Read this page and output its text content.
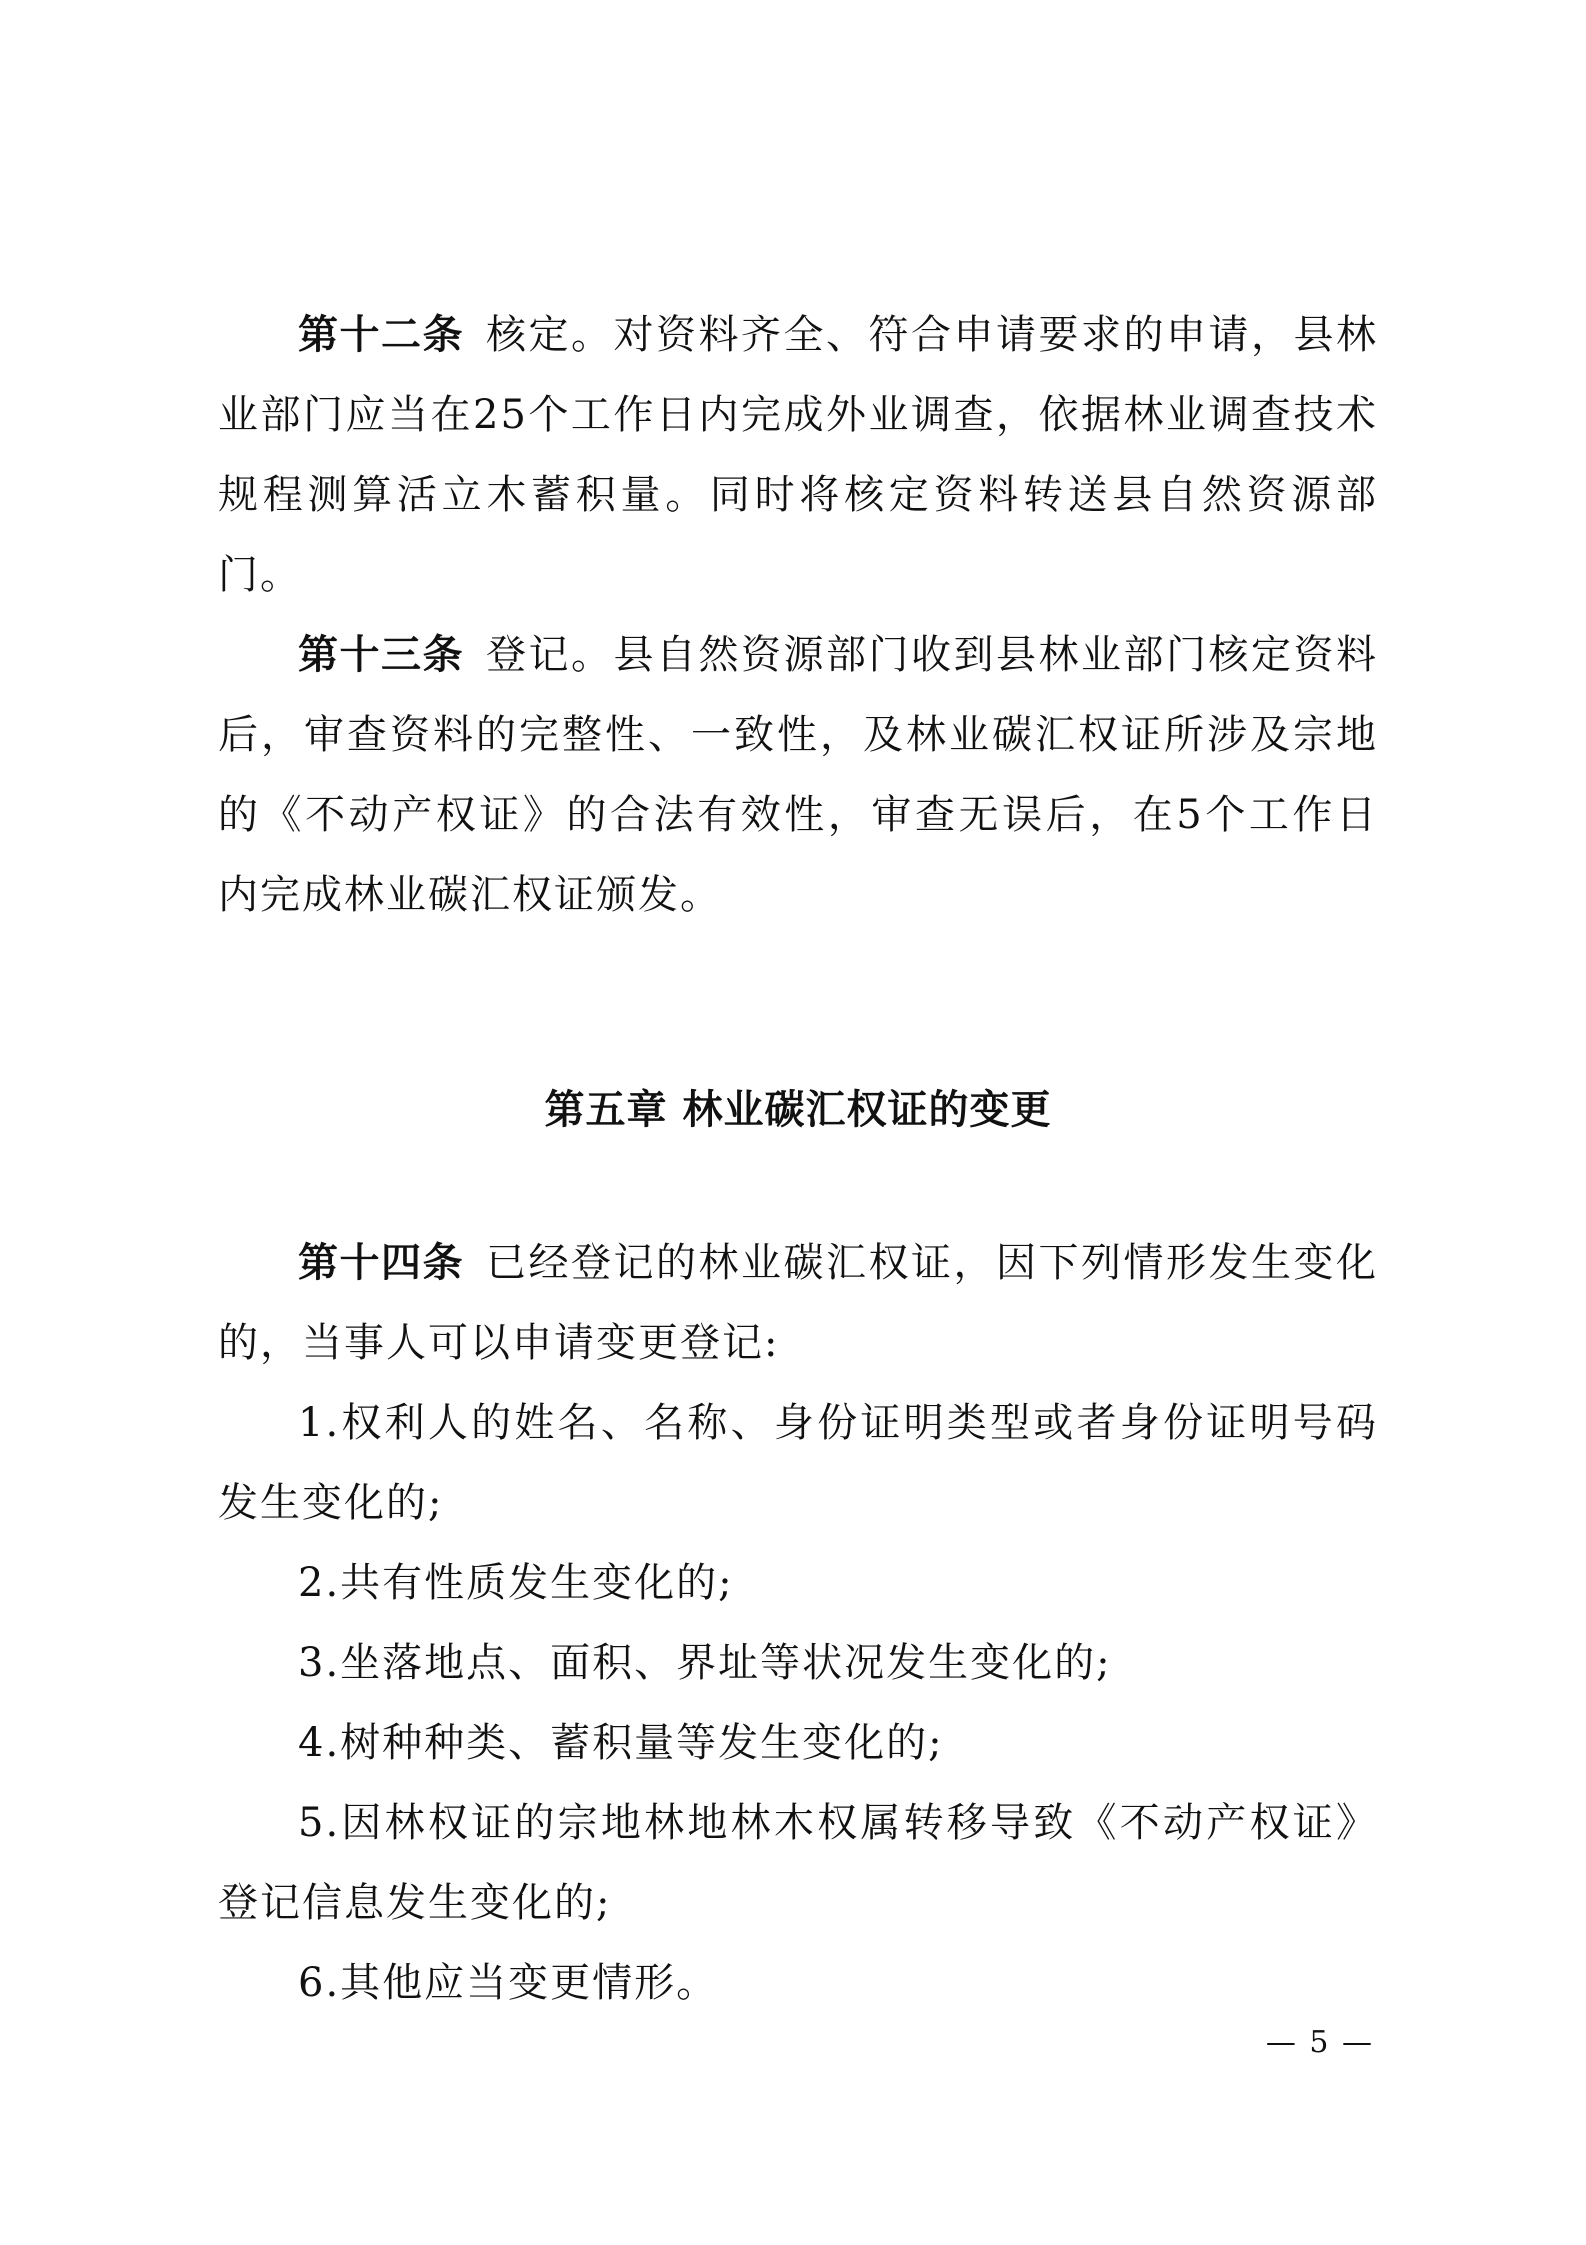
第十二条 核定。对资料齐全、符合申请要求的申请，县林业部门应当在25个工作日内完成外业调查，依据林业调查技术规程测算活立木蓄积量。同时将核定资料转送县自然资源部门。

第十三条 登记。县自然资源部门收到县林业部门核定资料后，审查资料的完整性、一致性，及林业碳汇权证所涉及宗地的《不动产权证》的合法有效性，审查无误后，在5个工作日内完成林业碳汇权证颁发。

第五章 林业碳汇权证的变更

第十四条 已经登记的林业碳汇权证，因下列情形发生变化的，当事人可以申请变更登记:

1.权利人的姓名、名称、身份证明类型或者身份证明号码发生变化的;

2.共有性质发生变化的;

3.坐落地点、面积、界址等状况发生变化的;

4.树种种类、蓄积量等发生变化的;

5.因林权证的宗地林地林木权属转移导致《不动产权证》登记信息发生变化的;

6.其他应当变更情形。

— 5 —
